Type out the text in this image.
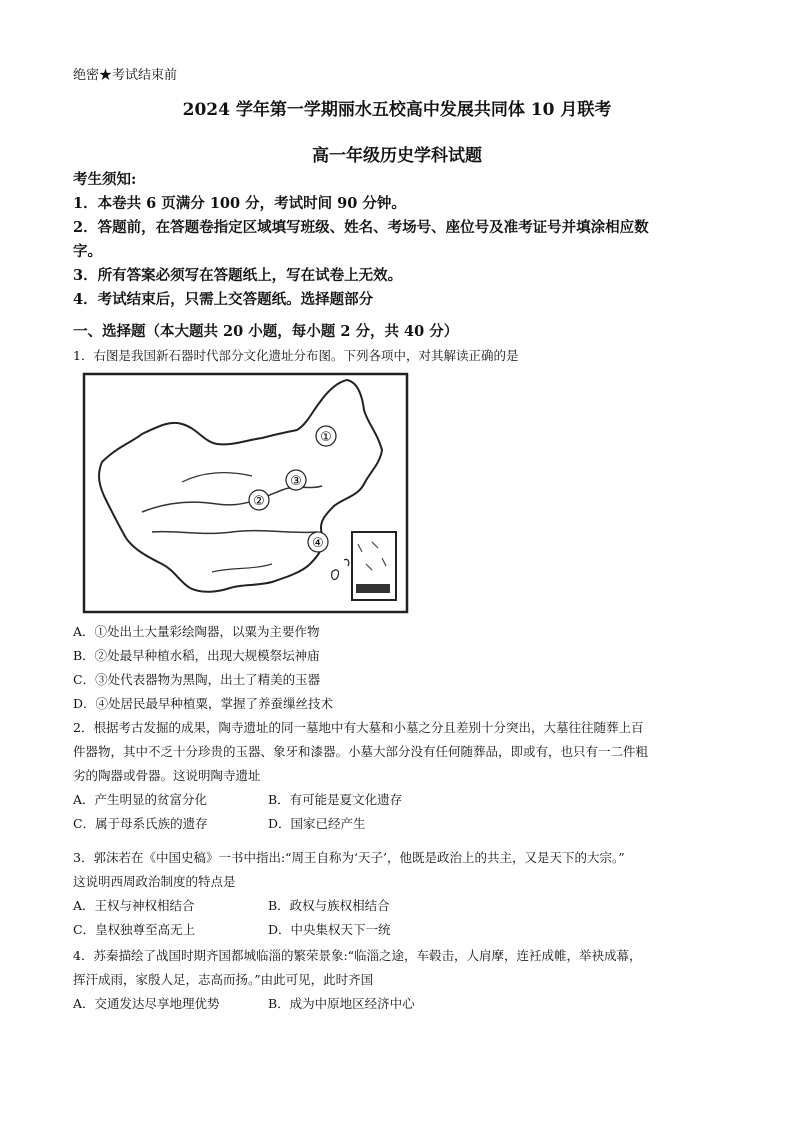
绝密★考试结束前
2024 学年第一学期丽水五校高中发展共同体 10 月联考
高一年级历史学科试题

考生须知:

1．本卷共 6 页满分 100 分，考试时间 90 分钟。

2．答题前，在答题卷指定区域填写班级、姓名、考场号、座位号及准考证号并填涂相应数

字。

3．所有答案必须写在答题纸上，写在试卷上无效。

4．考试结束后，只需上交答题纸。选择题部分

一、选择题（本大题共 20 小题，每小题 2 分，共 40 分）

1．右图是我国新石器时代部分文化遗址分布图。下列各项中，对其解读正确的是

①
②
③
④

A．①处出土大量彩绘陶器，以粟为主要作物

B．②处最早种植水稻，出现大规模祭坛神庙

C．③处代表器物为黑陶，出土了精美的玉器

D．④处居民最早种植粟，掌握了养蚕缫丝技术

2．根据考古发掘的成果，陶寺遗址的同一墓地中有大墓和小墓之分且差别十分突出，大墓往往随葬上百

件器物，其中不乏十分珍贵的玉器、象牙和漆器。小墓大部分没有任何随葬品，即或有，也只有一二件粗

劣的陶器或骨器。这说明陶寺遗址

A．产生明显的贫富分化	B．有可能是夏文化遗存
C．属于母系氏族的遗存	D．国家已经产生

3．郭沫若在《中国史稿》一书中指出:“周王自称为‘天子’，他既是政治上的共主，又是天下的大宗。”

这说明西周政治制度的特点是

A．王权与神权相结合	B．政权与族权相结合
C．皇权独尊至高无上	D．中央集权天下一统

4．苏秦描绘了战国时期齐国都城临淄的繁荣景象:“临淄之途，车毂击，人肩摩，连衽成帷，举袂成幕，

挥汗成雨，家殷人足，志高而扬。”由此可见，此时齐国

A．交通发达尽享地理优势	B．成为中原地区经济中心
